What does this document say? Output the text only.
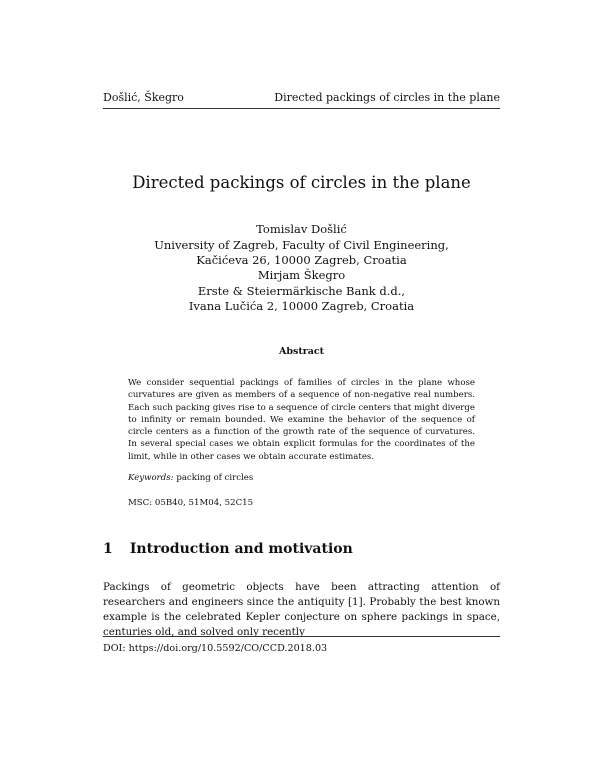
Došlić, Škegro	Directed packings of circles in the plane
Directed packings of circles in the plane
Tomislav Došlić
University of Zagreb, Faculty of Civil Engineering,
Kačićeva 26, 10000 Zagreb, Croatia
Mirjam Škegro
Erste & Steiermärkische Bank d.d.,
Ivana Lučića 2, 10000 Zagreb, Croatia
Abstract
We consider sequential packings of families of circles in the plane whose curvatures are given as members of a sequence of non-negative real numbers. Each such packing gives rise to a sequence of circle centers that might diverge to infinity or remain bounded. We examine the behavior of the sequence of circle centers as a function of the growth rate of the sequence of curvatures. In several special cases we obtain explicit formulas for the coordinates of the limit, while in other cases we obtain accurate estimates.
Keywords: packing of circles
MSC: 05B40, 51M04, 52C15
1 Introduction and motivation
Packings of geometric objects have been attracting attention of researchers and engineers since the antiquity [1]. Probably the best known example is the celebrated Kepler conjecture on sphere packings in space, centuries old, and solved only recently
DOI: https://doi.org/10.5592/CO/CCD.2018.03
